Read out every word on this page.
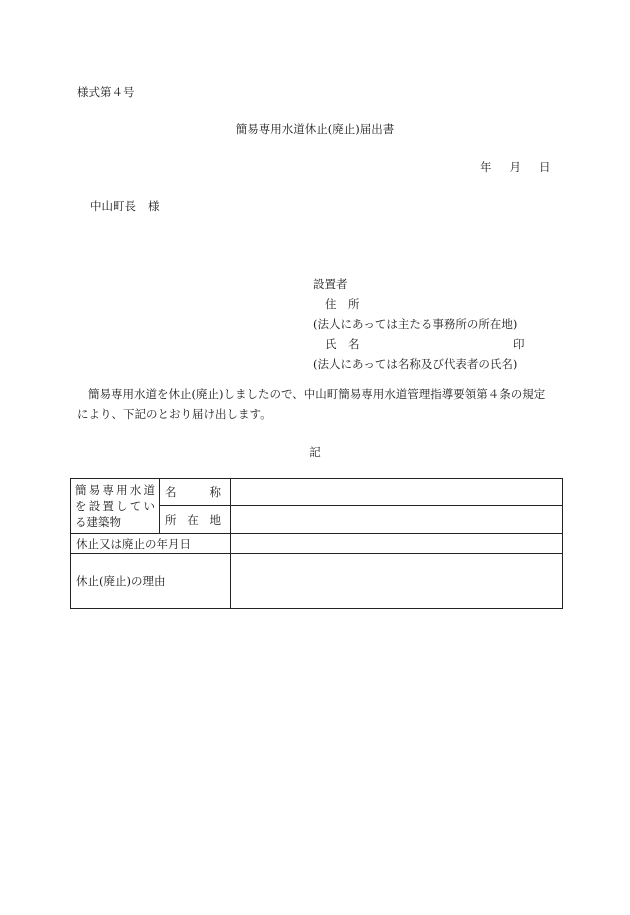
様式第４号
簡易専用水道休止(廃止)届出書
年 月 日
中山町長 様
設置者
住　所
(法人にあっては主たる事務所の所在地)
氏　名	印
(法人にあっては名称及び代表者の氏名)
簡易専用水道を休止(廃止)しましたので、中山町簡易専用水道管理指導要領第４条の規定により、下記のとおり届け出します。
記
簡易専用水道を設置している建築物	名 称	

	所 在 地	

休止又は廃止の年月日		
休止(廃止)の理由		
